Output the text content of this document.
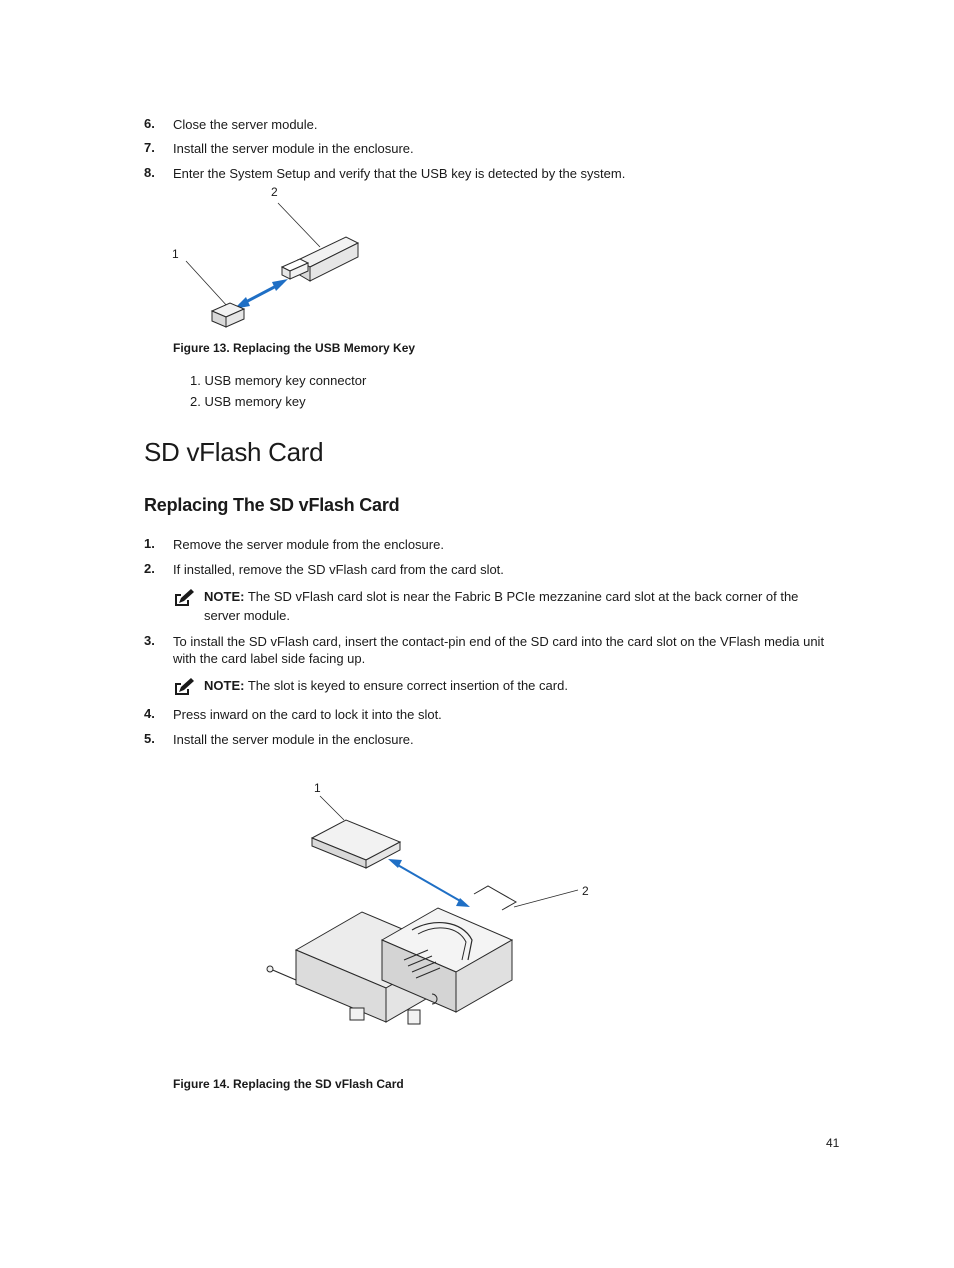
6. Close the server module.
7. Install the server module in the enclosure.
8. Enter the System Setup and verify that the USB key is detected by the system.
2
1
Figure 13. Replacing the USB Memory Key
1. USB memory key connector
2. USB memory key
SD vFlash Card
Replacing The SD vFlash Card
1. Remove the server module from the enclosure.
2. If installed, remove the SD vFlash card from the card slot.
NOTE: The SD vFlash card slot is near the Fabric B PCIe mezzanine card slot at the back corner of the server module.
3. To install the SD vFlash card, insert the contact-pin end of the SD card into the card slot on the VFlash media unit with the card label side facing up.
NOTE: The slot is keyed to ensure correct insertion of the card.
4. Press inward on the card to lock it into the slot.
5. Install the server module in the enclosure.
1
2
Figure 14. Replacing the SD vFlash Card
41
